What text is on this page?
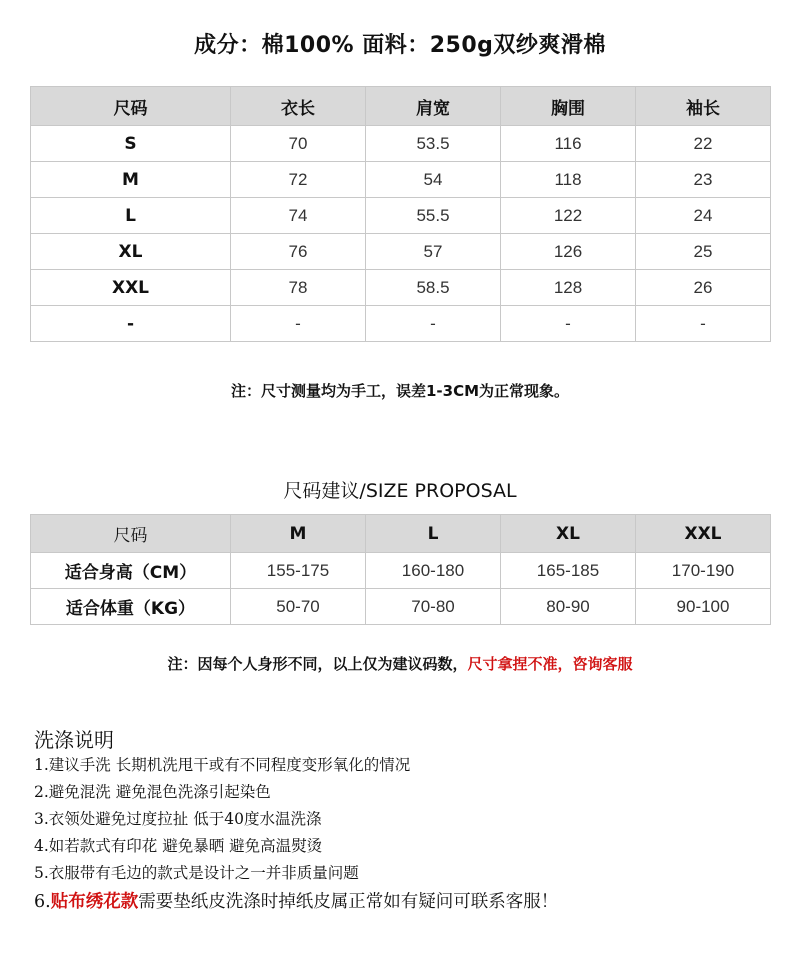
成分：棉100% 面料：250g双纱爽滑棉
尺码	衣长	肩宽	胸围	袖长
S	70	53.5	116	22
M	72	54	118	23
L	74	55.5	122	24
XL	76	57	126	25
XXL	78	58.5	128	26
-	-	-	-	-
注：尺寸测量均为手工，误差1-3CM为正常现象。
尺码建议/SIZE PROPOSAL
尺码	M	L	XL	XXL
适合身高（CM）	155-175	160-180	165-185	170-190
适合体重（KG）	50-70	70-80	80-90	90-100
注：因每个人身形不同，以上仅为建议码数，尺寸拿捏不准，咨询客服
洗涤说明
1.建议手洗 长期机洗甩干或有不同程度变形氧化的情况
2.避免混洗 避免混色洗涤引起染色
3.衣领处避免过度拉扯 低于40度水温洗涤
4.如若款式有印花 避免暴晒 避免高温熨烫
5.衣服带有毛边的款式是设计之一并非质量问题
6.贴布绣花款需要垫纸皮洗涤时掉纸皮属正常如有疑问可联系客服！
